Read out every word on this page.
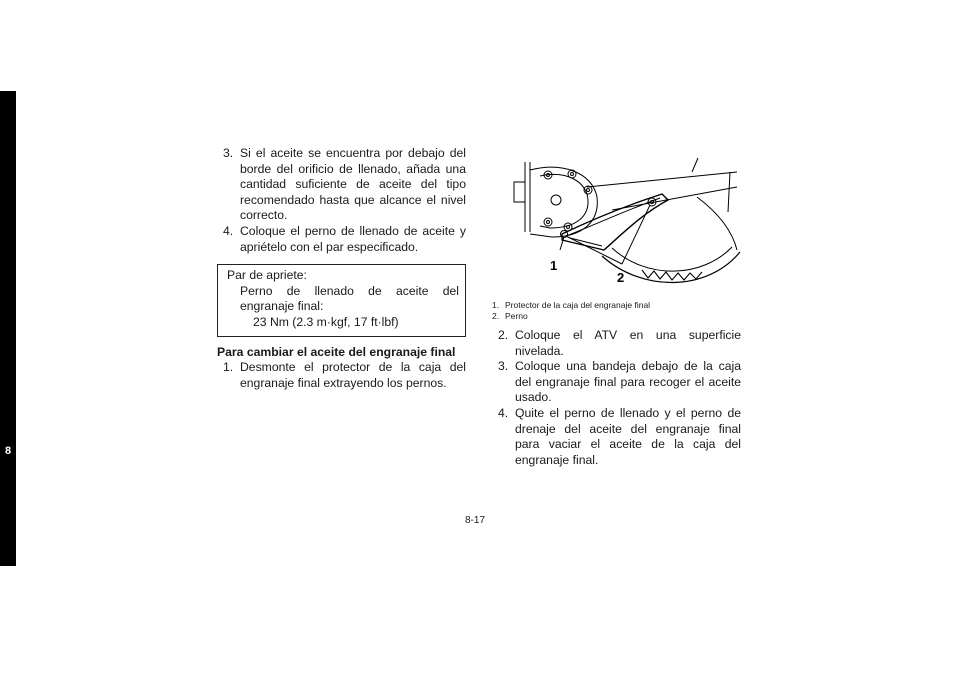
8
3. Si el aceite se encuentra por debajo del borde del orificio de llenado, añada una cantidad suficiente de aceite del tipo recomendado hasta que alcance el nivel correcto.
4. Coloque el perno de llenado de aceite y apriételo con el par especificado.
Par de apriete:
Perno de llenado de aceite del engranaje final:
23 Nm (2.3 m·kgf, 17 ft·lbf)
Para cambiar el aceite del engranaje final
1. Desmonte el protector de la caja del engranaje final extrayendo los pernos.
1
2
1. Protector de la caja del engranaje final
2. Perno
2. Coloque el ATV en una superficie nivelada.
3. Coloque una bandeja debajo de la caja del engranaje final para recoger el aceite usado.
4. Quite el perno de llenado y el perno de drenaje del aceite del engranaje final para vaciar el aceite de la caja del engranaje final.
8-17
